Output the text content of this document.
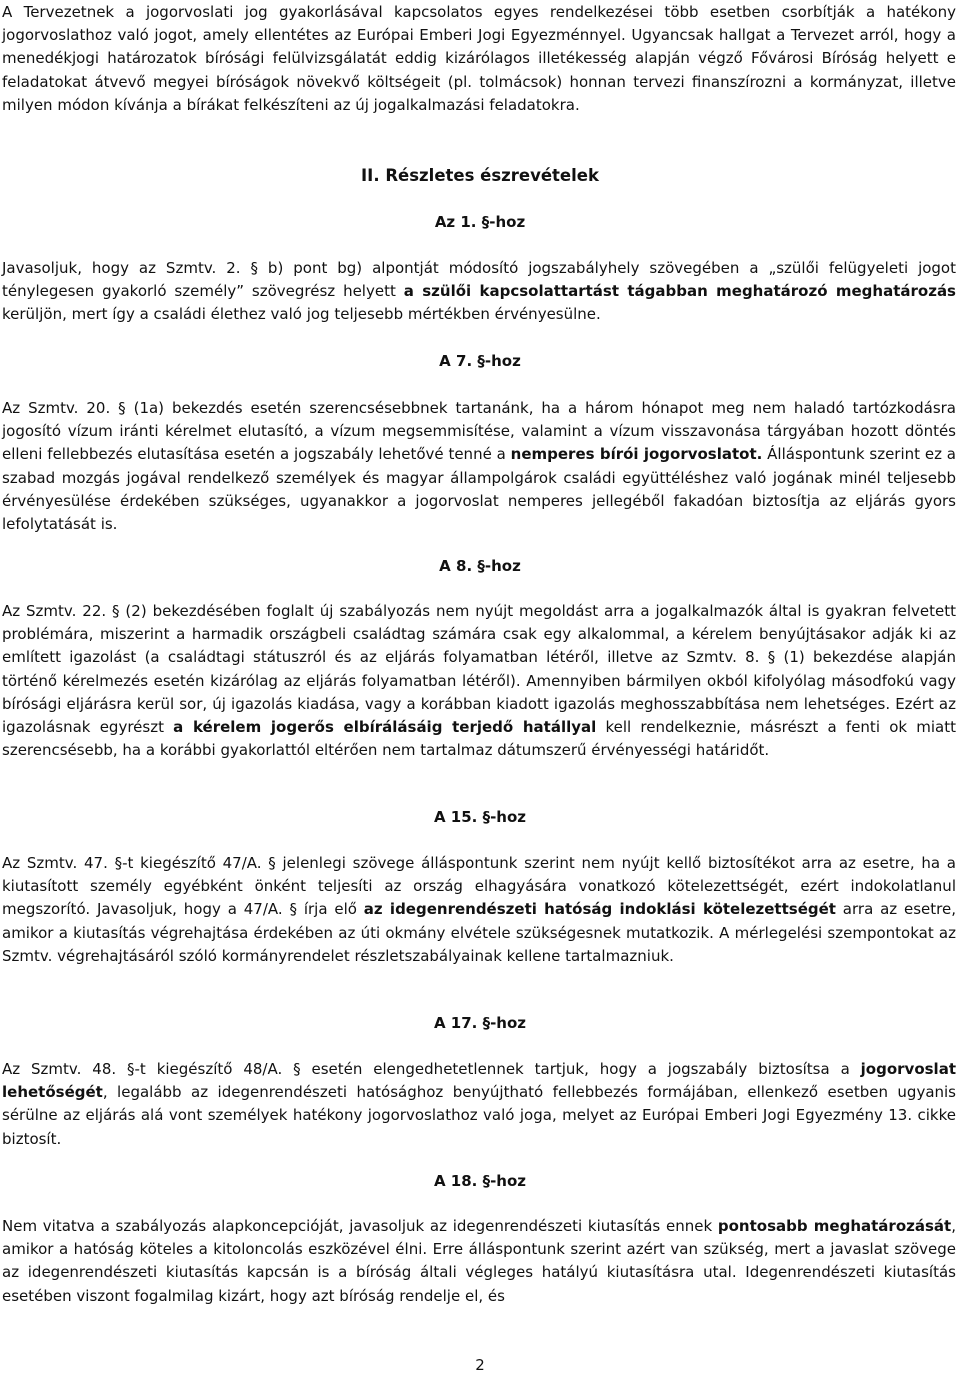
A Tervezetnek a jogorvoslati jog gyakorlásával kapcsolatos egyes rendelkezései több esetben csorbítják a hatékony jogorvoslathoz való jogot, amely ellentétes az Európai Emberi Jogi Egyezménnyel. Ugyancsak hallgat a Tervezet arról, hogy a menedékjogi határozatok bírósági felülvizsgálatát eddig kizárólagos illetékesség alapján végző Fővárosi Bíróság helyett e feladatokat átvevő megyei bíróságok növekvő költségeit (pl. tolmácsok) honnan tervezi finanszírozni a kormányzat, illetve milyen módon kívánja a bírákat felkészíteni az új jogalkalmazási feladatokra.

II. Részletes észrevételek
Az 1. §-hoz

Javasoljuk, hogy az Szmtv. 2. § b) pont bg) alpontját módosító jogszabályhely szövegében a „szülői felügyeleti jogot ténylegesen gyakorló személy” szövegrész helyett a szülői kapcsolattartást tágabban meghatározó meghatározás kerüljön, mert így a családi élethez való jog teljesebb mértékben érvényesülne.

A 7. §-hoz

Az Szmtv. 20. § (1a) bekezdés esetén szerencsésebbnek tartanánk, ha a három hónapot meg nem haladó tartózkodásra jogosító vízum iránti kérelmet elutasító, a vízum megsemmisítése, valamint a vízum visszavonása tárgyában hozott döntés elleni fellebbezés elutasítása esetén a jogszabály lehetővé tenné a nemperes bírói jogorvoslatot. Álláspontunk szerint ez a szabad mozgás jogával rendelkező személyek és magyar állampolgárok családi együttéléshez való jogának minél teljesebb érvényesülése érdekében szükséges, ugyanakkor a jogorvoslat nemperes jellegéből fakadóan biztosítja az eljárás gyors lefolytatását is.

A 8. §-hoz

Az Szmtv. 22. § (2) bekezdésében foglalt új szabályozás nem nyújt megoldást arra a jogalkalmazók által is gyakran felvetett problémára, miszerint a harmadik országbeli családtag számára csak egy alkalommal, a kérelem benyújtásakor adják ki az említett igazolást (a családtagi státuszról és az eljárás folyamatban létéről, illetve az Szmtv. 8. § (1) bekezdése alapján történő kérelmezés esetén kizárólag az eljárás folyamatban létéről). Amennyiben bármilyen okból kifolyólag másodfokú vagy bírósági eljárásra kerül sor, új igazolás kiadása, vagy a korábban kiadott igazolás meghosszabbítása nem lehetséges. Ezért az igazolásnak egyrészt a kérelem jogerős elbírálásáig terjedő hatállyal kell rendelkeznie, másrészt a fenti ok miatt szerencsésebb, ha a korábbi gyakorlattól eltérően nem tartalmaz dátumszerű érvényességi határidőt.

A 15. §-hoz

Az Szmtv. 47. §-t kiegészítő 47/A. § jelenlegi szövege álláspontunk szerint nem nyújt kellő biztosítékot arra az esetre, ha a kiutasított személy egyébként önként teljesíti az ország elhagyására vonatkozó kötelezettségét, ezért indokolatlanul megszorító. Javasoljuk, hogy a 47/A. § írja elő az idegenrendészeti hatóság indoklási kötelezettségét arra az esetre, amikor a kiutasítás végrehajtása érdekében az úti okmány elvétele szükségesnek mutatkozik. A mérlegelési szempontokat az Szmtv. végrehajtásáról szóló kormányrendelet részletszabályainak kellene tartalmazniuk.

A 17. §-hoz

Az Szmtv. 48. §-t kiegészítő 48/A. § esetén elengedhetetlennek tartjuk, hogy a jogszabály biztosítsa a jogorvoslat lehetőségét, legalább az idegenrendészeti hatósághoz benyújtható fellebbezés formájában, ellenkező esetben ugyanis sérülne az eljárás alá vont személyek hatékony jogorvoslathoz való joga, melyet az Európai Emberi Jogi Egyezmény 13. cikke biztosít.

A 18. §-hoz

Nem vitatva a szabályozás alapkoncepcióját, javasoljuk az idegenrendészeti kiutasítás ennek pontosabb meghatározását, amikor a hatóság köteles a kitoloncolás eszközével élni. Erre álláspontunk szerint azért van szükség, mert a javaslat szövege az idegenrendészeti kiutasítás kapcsán is a bíróság általi végleges hatályú kiutasításra utal. Idegenrendészeti kiutasítás esetében viszont fogalmilag kizárt, hogy azt bíróság rendelje el, és

2
